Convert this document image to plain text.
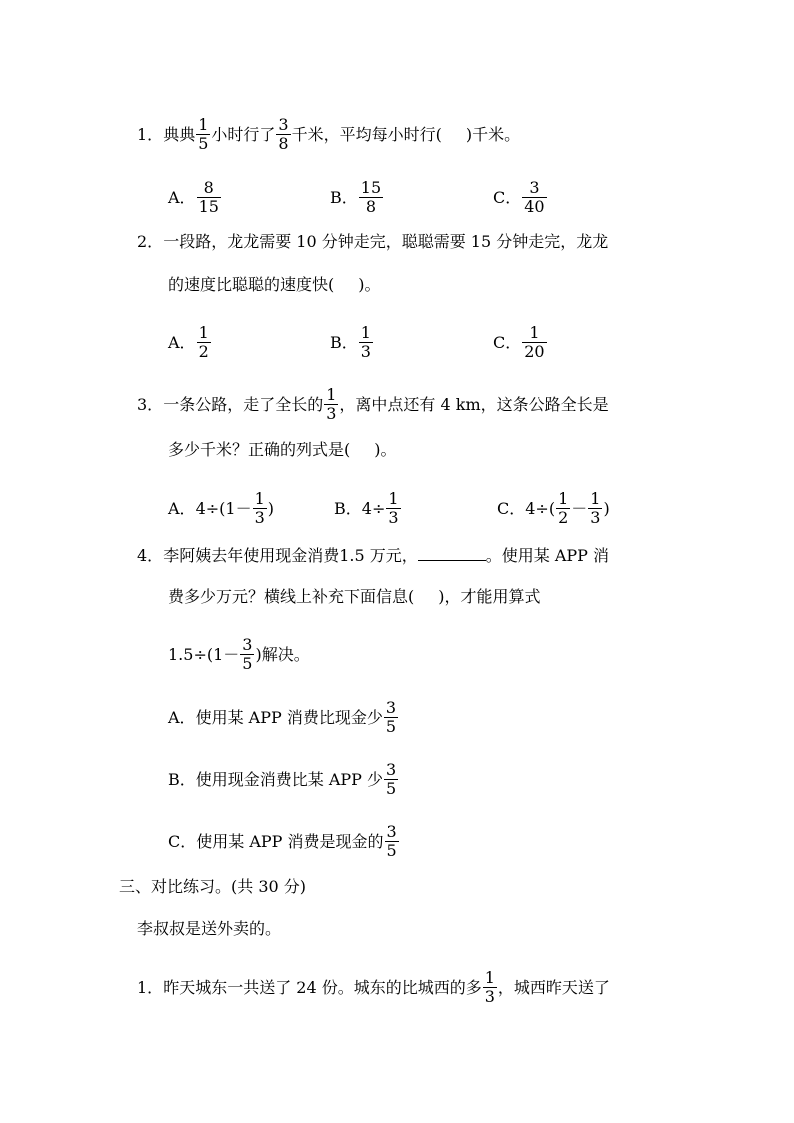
1．典典 $\frac{1}{5}$ 小时行了 $\frac{3}{8}$ 千米，平均每小时行( )千米。
A． $\frac{8}{15}$	B． $\frac{15}{8}$	C． $\frac{3}{40}$
2．一段路，龙龙需要 10 分钟走完，聪聪需要 15 分钟走完，龙龙
的速度比聪聪的速度快( )。
A． $\frac{1}{2}$	B． $\frac{1}{3}$	C． $\frac{1}{20}$
3．一条公路，走了全长的 $\frac{1}{3}$ ，离中点还有 4 km，这条公路全长是
多少千米？正确的列式是( )。
A．$4\div(1- \frac{1}{3}$ )	B．$4\div \frac{1}{3}$	C．$4\div( \frac{1}{2} - \frac{1}{3}$ )
4．李阿姨去年使用现金消费1.5 万元，	。使用某 APP 消
费多少万元？横线上补充下面信息( )，才能用算式
$1.5\div(1- \frac{3}{5}$ )解决。
A．使用某 APP 消费比现金少 $\frac{3}{5}$
B．使用现金消费比某 APP 少 $\frac{3}{5}$
C．使用某 APP 消费是现金的 $\frac{3}{5}$
三、对比练习。(共 30 分)
李叔叔是送外卖的。
1．昨天城东一共送了 24 份。城东的比城西的多 $\frac{1}{3}$ ，城西昨天送了
